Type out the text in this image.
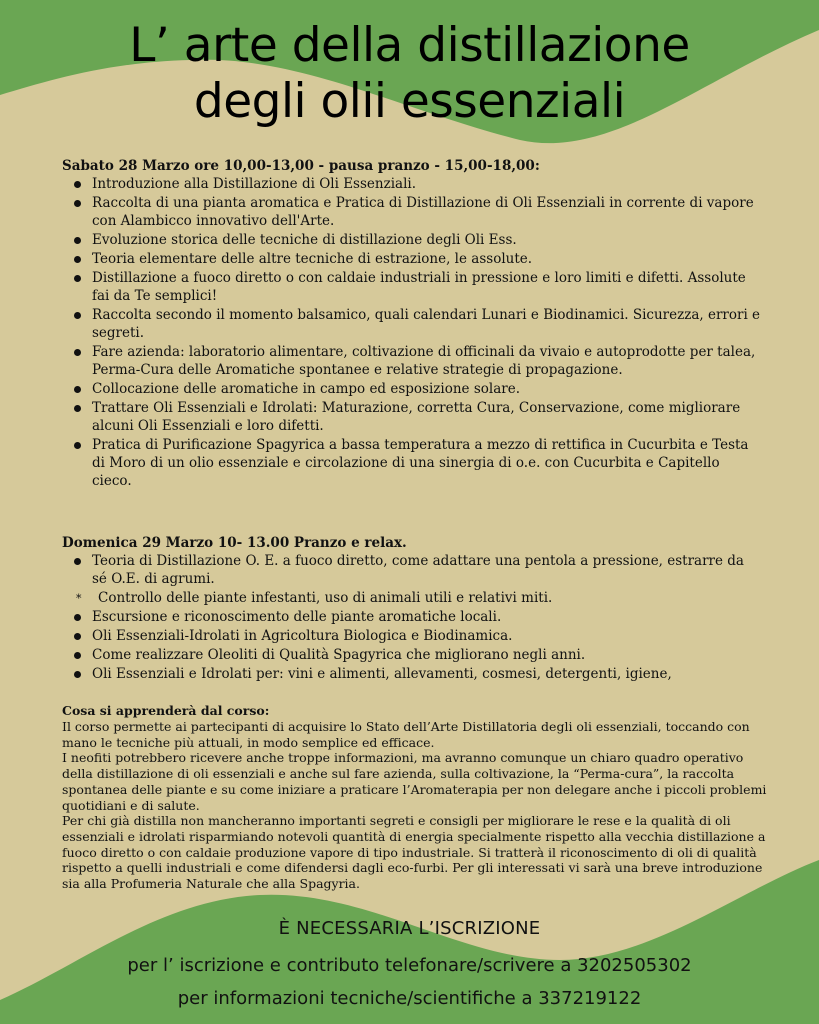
L’ arte della distillazione
degli olii essenziali
Sabato 28 Marzo ore 10,00-13,00 - pausa pranzo - 15,00-18,00:
Introduzione alla Distillazione di Oli Essenziali.
Raccolta di una pianta aromatica e Pratica di Distillazione di Oli Essenziali in corrente di vapore con Alambicco innovativo dell'Arte.
Evoluzione storica delle tecniche di distillazione degli Oli Ess.
Teoria elementare delle altre tecniche di estrazione, le assolute.
Distillazione a fuoco diretto o con caldaie industriali in pressione e loro limiti e difetti. Assolute fai da Te semplici!
Raccolta secondo il momento balsamico, quali calendari Lunari e Biodinamici. Sicurezza, errori e segreti.
Fare azienda: laboratorio alimentare, coltivazione di officinali da vivaio e autoprodotte per talea, Perma-Cura delle Aromatiche spontanee e relative strategie di propagazione.
Collocazione delle aromatiche in campo ed esposizione solare.
Trattare Oli Essenziali e Idrolati: Maturazione, corretta Cura, Conservazione, come migliorare alcuni Oli Essenziali e loro difetti.
Pratica di Purificazione Spagyrica a bassa temperatura a mezzo di rettifica in Cucurbita e Testa di Moro di un olio essenziale e circolazione di una sinergia di o.e. con Cucurbita e Capitello cieco.
Domenica 29 Marzo 10- 13.00 Pranzo e relax.
Teoria di Distillazione O. E. a fuoco diretto, come adattare una pentola a pressione, estrarre da sé O.E. di agrumi.
* Controllo delle piante infestanti, uso di animali utili e relativi miti.
Escursione e riconoscimento delle piante aromatiche locali.
Oli Essenziali-Idrolati in Agricoltura Biologica e Biodinamica.
Come realizzare Oleoliti di Qualità Spagyrica che migliorano negli anni.
Oli Essenziali e Idrolati per: vini e alimenti, allevamenti, cosmesi, detergenti, igiene,
Cosa si apprenderà dal corso:

Il corso permette ai partecipanti di acquisire lo Stato dell’Arte Distillatoria degli oli essenziali, toccando con mano le tecniche più attuali, in modo semplice ed efficace.

I neofiti potrebbero ricevere anche troppe informazioni, ma avranno comunque un chiaro quadro operativo della distillazione di oli essenziali e anche sul fare azienda, sulla coltivazione, la “Perma-cura”, la raccolta spontanea delle piante e su come iniziare a praticare l’Aromaterapia per non delegare anche i piccoli problemi quotidiani e di salute.

Per chi già distilla non mancheranno importanti segreti e consigli per migliorare le rese e la qualità di oli essenziali e idrolati risparmiando notevoli quantità di energia specialmente rispetto alla vecchia distillazione a fuoco diretto o con caldaie produzione vapore di tipo industriale. Si tratterà il riconoscimento di oli di qualità rispetto a quelli industriali e come difendersi dagli eco-furbi. Per gli interessati vi sarà una breve introduzione sia alla Profumeria Naturale che alla Spagyria.

È NECESSARIA L’ISCRIZIONE
per l’ iscrizione e contributo telefonare/scrivere a 3202505302
per informazioni tecniche/scientifiche a 337219122
